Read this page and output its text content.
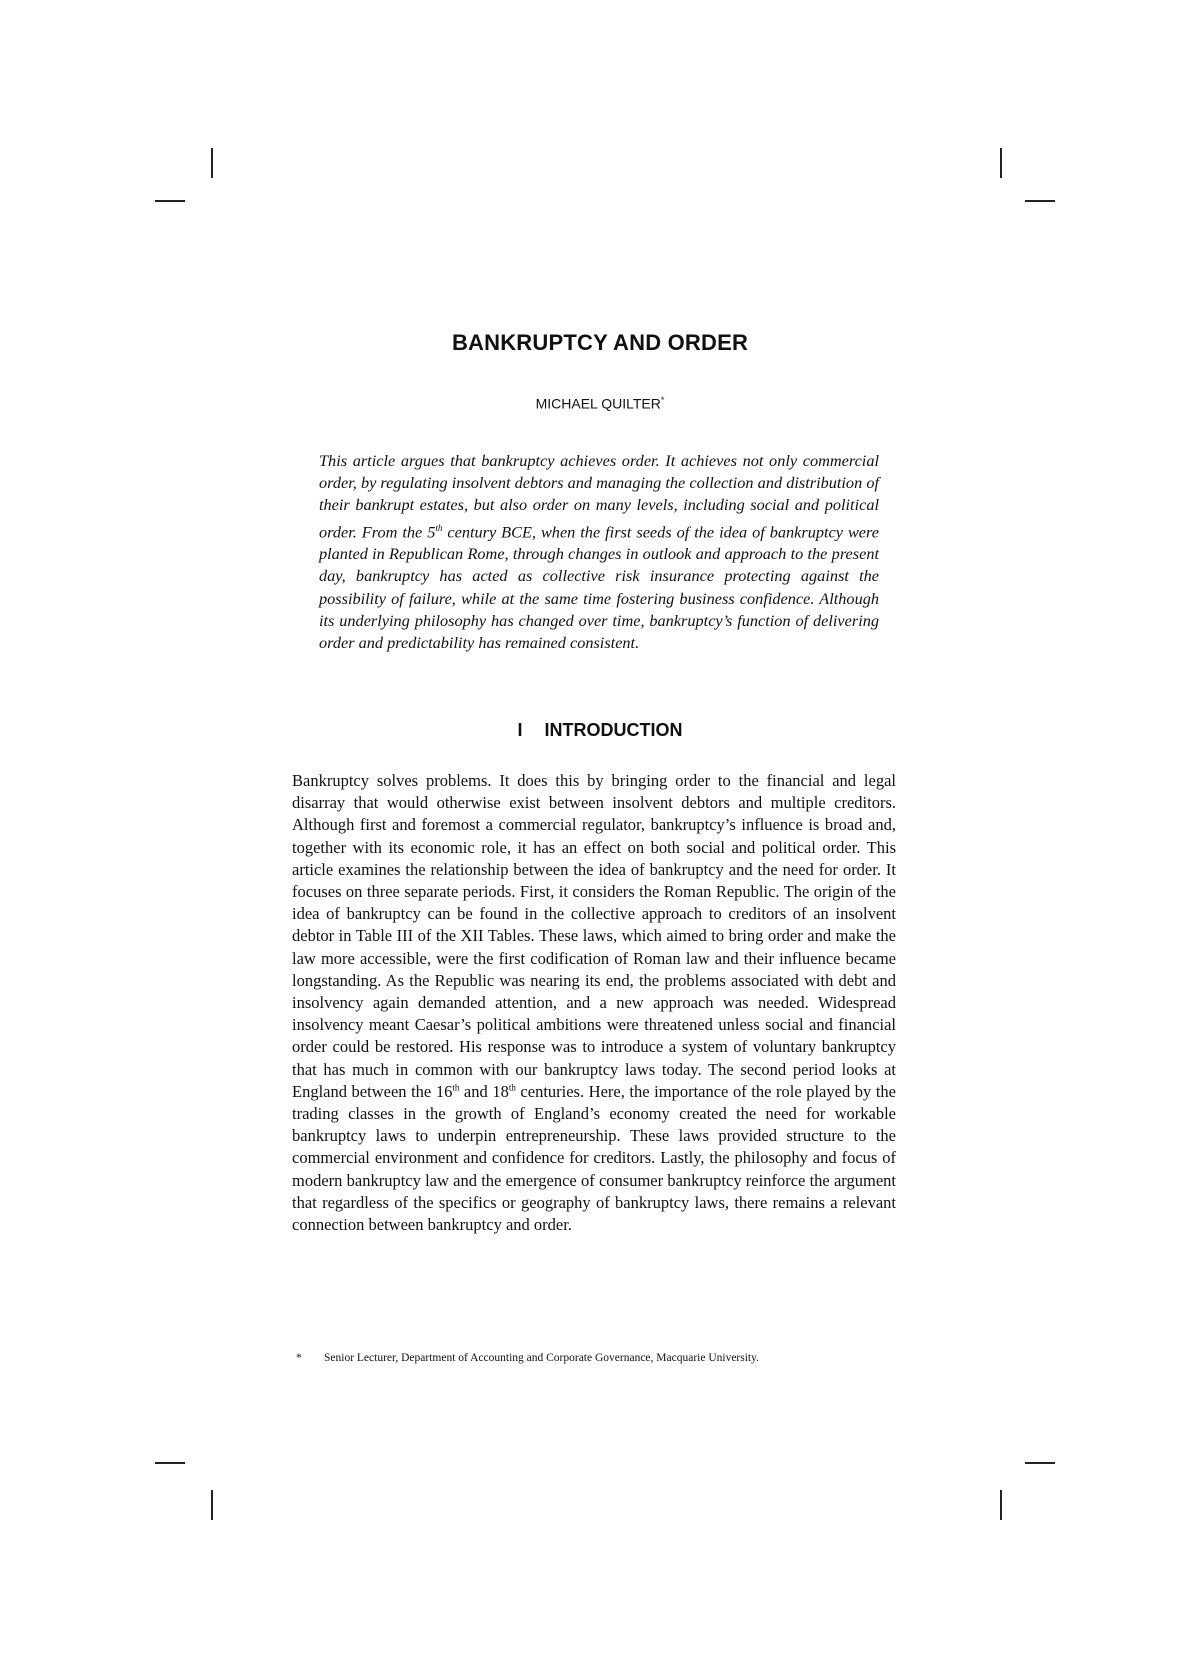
BANKRUPTCY AND ORDER
MICHAEL QUILTER*

This article argues that bankruptcy achieves order. It achieves not only commercial order, by regulating insolvent debtors and managing the collection and distribution of their bankrupt estates, but also order on many levels, including social and political order. From the 5th century BCE, when the first seeds of the idea of bankruptcy were planted in Republican Rome, through changes in outlook and approach to the present day, bankruptcy has acted as collective risk insurance protecting against the possibility of failure, while at the same time fostering business confidence. Although its underlying philosophy has changed over time, bankruptcy’s function of delivering order and predictability has remained consistent.

I INTRODUCTION

Bankruptcy solves problems. It does this by bringing order to the financial and legal disarray that would otherwise exist between insolvent debtors and multiple creditors. Although first and foremost a commercial regulator, bankruptcy’s influence is broad and, together with its economic role, it has an effect on both social and political order. This article examines the relationship between the idea of bankruptcy and the need for order. It focuses on three separate periods. First, it considers the Roman Republic. The origin of the idea of bankruptcy can be found in the collective approach to creditors of an insolvent debtor in Table III of the XII Tables. These laws, which aimed to bring order and make the law more accessible, were the first codification of Roman law and their influence became longstanding. As the Republic was nearing its end, the problems associated with debt and insolvency again demanded attention, and a new approach was needed. Widespread insolvency meant Caesar’s political ambitions were threatened unless social and financial order could be restored. His response was to introduce a system of voluntary bankruptcy that has much in common with our bankruptcy laws today. The second period looks at England between the 16th and 18th centuries. Here, the importance of the role played by the trading classes in the growth of England’s economy created the need for workable bankruptcy laws to underpin entrepreneurship. These laws provided structure to the commercial environment and confidence for creditors. Lastly, the philosophy and focus of modern bankruptcy law and the emergence of consumer bankruptcy reinforce the argument that regardless of the specifics or geography of bankruptcy laws, there remains a relevant connection between bankruptcy and order.

*	Senior Lecturer, Department of Accounting and Corporate Governance, Macquarie University.
